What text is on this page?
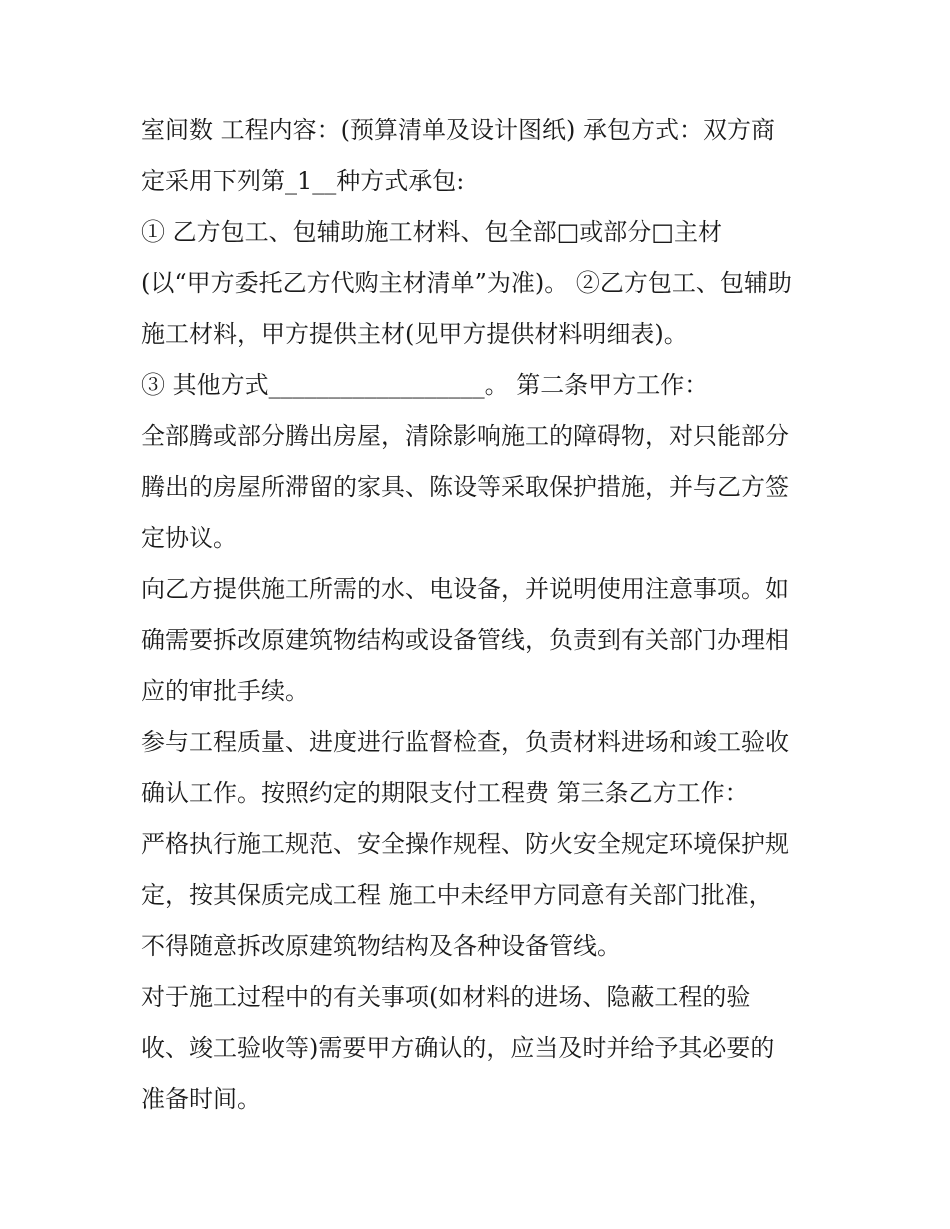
室间数 工程内容：(预算清单及设计图纸) 承包方式：双方商
定采用下列第_1__种方式承包:
① 乙方包工、包辅助施工材料、包全部□或部分□主材
(以“甲方委托乙方代购主材清单”为准)。 ②乙方包工、包辅助
施工材料，甲方提供主材(见甲方提供材料明细表)。
③ 其他方式__________________。 第二条甲方工作：
全部腾或部分腾出房屋，清除影响施工的障碍物，对只能部分
腾出的房屋所滞留的家具、陈设等采取保护措施，并与乙方签
定协议。
向乙方提供施工所需的水、电设备，并说明使用注意事项。如
确需要拆改原建筑物结构或设备管线，负责到有关部门办理相
应的审批手续。
参与工程质量、进度进行监督检查，负责材料进场和竣工验收
确认工作。按照约定的期限支付工程费 第三条乙方工作：
严格执行施工规范、安全操作规程、防火安全规定环境保护规
定，按其保质完成工程 施工中未经甲方同意有关部门批准，
不得随意拆改原建筑物结构及各种设备管线。
对于施工过程中的有关事项(如材料的进场、隐蔽工程的验
收、竣工验收等)需要甲方确认的，应当及时并给予其必要的
准备时间。
